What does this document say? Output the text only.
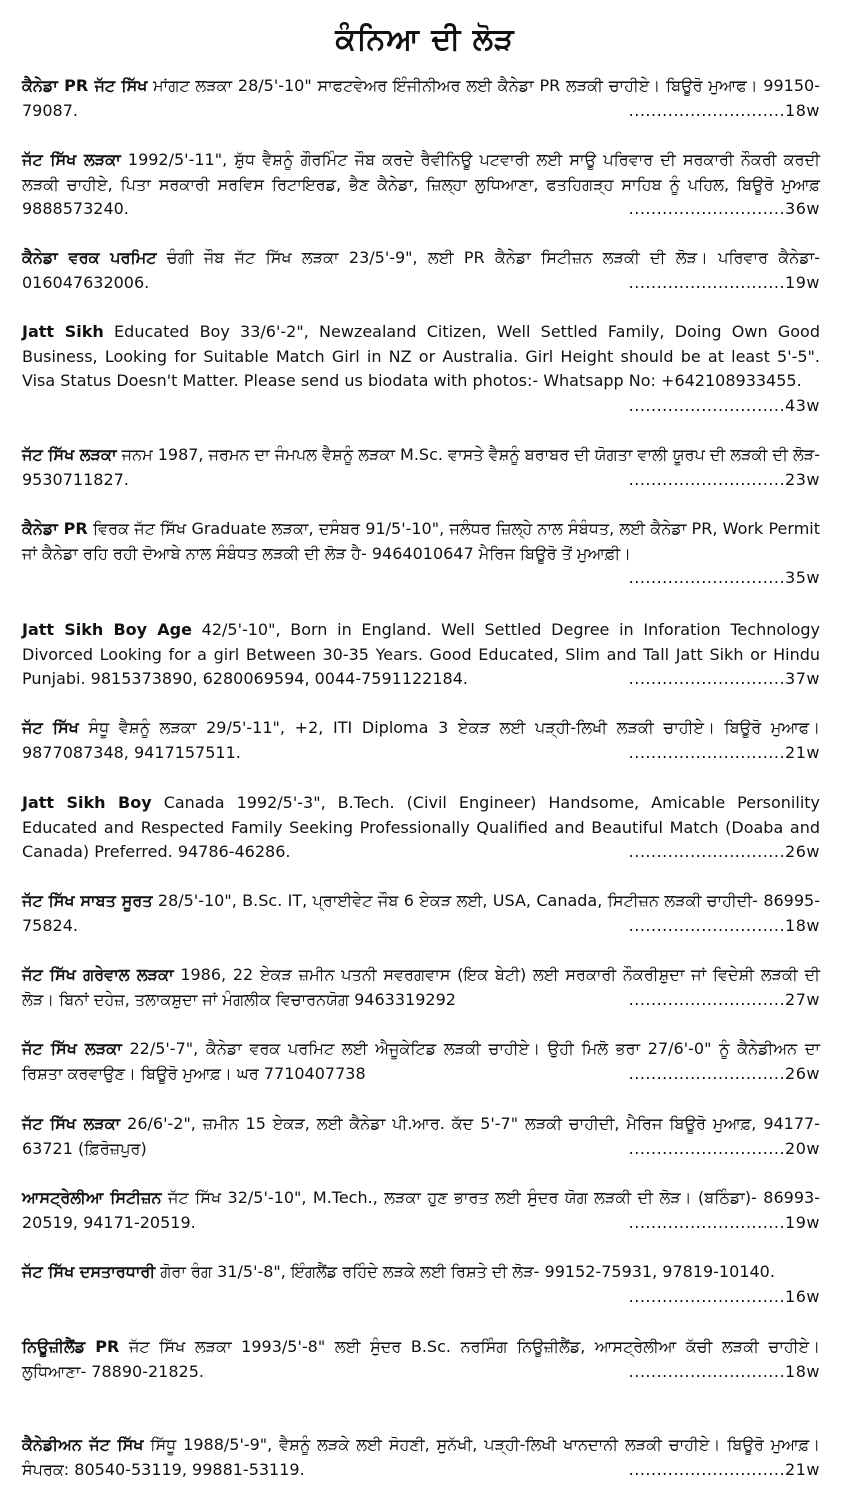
ਕੰਨਿਆ ਦੀ ਲੋੜ
ਕੈਨੇਡਾ PR ਜੱਟ ਸਿੱਖ ਮਾਂਗਟ ਲੜਕਾ 28/5'-10" ਸਾਫਟਵੇਅਰ ਇੰਜੀਨੀਅਰ ਲਈ ਕੈਨੇਡਾ PR ਲੜਕੀ ਚਾਹੀਏ। ਬਿਊਰੋ ਮੁਆਫ। 99150-79087.	............................18w
ਜੱਟ ਸਿੱਖ ਲੜਕਾ 1992/5'-11", ਸ਼ੁੱਧ ਵੈਸ਼ਨੂੰ ਗੌਰਮਿੰਟ ਜੌਬ ਕਰਦੇ ਰੈਵੀਨਿਊ ਪਟਵਾਰੀ ਲਈ ਸਾਊ ਪਰਿਵਾਰ ਦੀ ਸਰਕਾਰੀ ਨੌਕਰੀ ਕਰਦੀ ਲੜਕੀ ਚਾਹੀਏ, ਪਿਤਾ ਸਰਕਾਰੀ ਸਰਵਿਸ ਰਿਟਾਇਰਡ, ਭੈਣ ਕੈਨੇਡਾ, ਜ਼ਿਲ੍ਹਾ ਲੁਧਿਆਣਾ, ਫਤਹਿਗੜ੍ਹ ਸਾਹਿਬ ਨੂੰ ਪਹਿਲ, ਬਿਊਰੋ ਮੁਆਫ਼ 9888573240.	............................36w
ਕੈਨੇਡਾ ਵਰਕ ਪਰਮਿਟ ਚੰਗੀ ਜੌਬ ਜੱਟ ਸਿੱਖ ਲੜਕਾ 23/5'-9", ਲਈ PR ਕੈਨੇਡਾ ਸਿਟੀਜ਼ਨ ਲੜਕੀ ਦੀ ਲੋੜ। ਪਰਿਵਾਰ ਕੈਨੇਡਾ- 016047632006.	............................19w
Jatt Sikh Educated Boy 33/6'-2", Newzealand Citizen, Well Settled Family, Doing Own Good Business, Looking for Suitable Match Girl in NZ or Australia. Girl Height should be at least 5'-5". Visa Status Doesn't Matter. Please send us biodata with photos:- Whatsapp No: +642108933455.
............................43w
ਜੱਟ ਸਿੱਖ ਲੜਕਾ ਜਨਮ 1987, ਜਰਮਨ ਦਾ ਜੰਮਪਲ ਵੈਸ਼ਨੂੰ ਲੜਕਾ M.Sc. ਵਾਸਤੇ ਵੈਸ਼ਨੂੰ ਬਰਾਬਰ ਦੀ ਯੋਗਤਾ ਵਾਲੀ ਯੂਰਪ ਦੀ ਲੜਕੀ ਦੀ ਲੋੜ- 9530711827.	............................23w
ਕੈਨੇਡਾ PR ਵਿਰਕ ਜੱਟ ਸਿੱਖ Graduate ਲੜਕਾ, ਦਸੰਬਰ 91/5'-10", ਜਲੰਧਰ ਜ਼ਿਲ੍ਹੇ ਨਾਲ ਸੰਬੰਧਤ, ਲਈ ਕੈਨੇਡਾ PR, Work Permit ਜਾਂ ਕੈਨੇਡਾ ਰਹਿ ਰਹੀ ਦੋਆਬੇ ਨਾਲ ਸੰਬੰਧਤ ਲੜਕੀ ਦੀ ਲੋੜ ਹੈ- 9464010647 ਮੈਰਿਜ ਬਿਊਰੋ ਤੋਂ ਮੁਆਫ਼ੀ।
............................35w
Jatt Sikh Boy Age 42/5'-10", Born in England. Well Settled Degree in Inforation Technology Divorced Looking for a girl Between 30-35 Years. Good Educated, Slim and Tall Jatt Sikh or Hindu Punjabi. 9815373890, 6280069594, 0044-7591122184.	............................37w
ਜੱਟ ਸਿੱਖ ਸੰਧੂ ਵੈਸ਼ਨੂੰ ਲੜਕਾ 29/5'-11", +2, ITI Diploma 3 ਏਕੜ ਲਈ ਪੜ੍ਹੀ-ਲਿਖੀ ਲੜਕੀ ਚਾਹੀਏ। ਬਿਊਰੋ ਮੁਆਫ। 9877087348, 9417157511.	............................21w
Jatt Sikh Boy Canada 1992/5'-3", B.Tech. (Civil Engineer) Handsome, Amicable Personility Educated and Respected Family Seeking Professionally Qualified and Beautiful Match (Doaba and Canada) Preferred. 94786-46286.	............................26w
ਜੱਟ ਸਿੱਖ ਸਾਬਤ ਸੂਰਤ 28/5'-10", B.Sc. IT, ਪ੍ਰਾਈਵੇਟ ਜੌਬ 6 ਏਕੜ ਲਈ, USA, Canada, ਸਿਟੀਜ਼ਨ ਲੜਕੀ ਚਾਹੀਦੀ- 86995-75824.	............................18w
ਜੱਟ ਸਿੱਖ ਗਰੇਵਾਲ ਲੜਕਾ 1986, 22 ਏਕੜ ਜ਼ਮੀਨ ਪਤਨੀ ਸਵਰਗਵਾਸ (ਇਕ ਬੇਟੀ) ਲਈ ਸਰਕਾਰੀ ਨੌਕਰੀਸ਼ੁਦਾ ਜਾਂ ਵਿਦੇਸ਼ੀ ਲੜਕੀ ਦੀ ਲੋੜ। ਬਿਨਾਂ ਦਹੇਜ਼, ਤਲਾਕਸ਼ੁਦਾ ਜਾਂ ਮੰਗਲੀਕ ਵਿਚਾਰਨਯੋਗ 9463319292	............................27w
ਜੱਟ ਸਿੱਖ ਲੜਕਾ 22/5'-7", ਕੈਨੇਡਾ ਵਰਕ ਪਰਮਿਟ ਲਈ ਐਜੂਕੇਟਿਡ ਲੜਕੀ ਚਾਹੀਏ। ਉਹੀ ਮਿਲੋ ਭਰਾ 27/6'-0" ਨੂੰ ਕੈਨੇਡੀਅਨ ਦਾ ਰਿਸ਼ਤਾ ਕਰਵਾਉਣ। ਬਿਊਰੋ ਮੁਆਫ਼। ਘਰ 7710407738	............................26w
ਜੱਟ ਸਿੱਖ ਲੜਕਾ 26/6'-2", ਜ਼ਮੀਨ 15 ਏਕੜ, ਲਈ ਕੈਨੇਡਾ ਪੀ.ਆਰ. ਕੱਦ 5'-7" ਲੜਕੀ ਚਾਹੀਦੀ, ਮੈਰਿਜ ਬਿਊਰੋ ਮੁਆਫ਼, 94177-63721 (ਫ਼ਿਰੋਜ਼ਪੁਰ)	............................20w
ਆਸਟ੍ਰੇਲੀਆ ਸਿਟੀਜ਼ਨ ਜੱਟ ਸਿੱਖ 32/5'-10", M.Tech., ਲੜਕਾ ਹੁਣ ਭਾਰਤ ਲਈ ਸੁੰਦਰ ਯੋਗ ਲੜਕੀ ਦੀ ਲੋੜ। (ਬਠਿੰਡਾ)- 86993-20519, 94171-20519.	............................19w
ਜੱਟ ਸਿੱਖ ਦਸਤਾਰਧਾਰੀ ਗੋਰਾ ਰੰਗ 31/5'-8", ਇੰਗਲੈਂਡ ਰਹਿੰਦੇ ਲੜਕੇ ਲਈ ਰਿਸ਼ਤੇ ਦੀ ਲੋੜ- 99152-75931, 97819-10140.
............................16w
ਨਿਊਜ਼ੀਲੈਂਡ PR ਜੱਟ ਸਿੱਖ ਲੜਕਾ 1993/5'-8" ਲਈ ਸੁੰਦਰ B.Sc. ਨਰਸਿੰਗ ਨਿਊਜ਼ੀਲੈਂਡ, ਆਸਟ੍ਰੇਲੀਆ ਕੱਚੀ ਲੜਕੀ ਚਾਹੀਏ। ਲੁਧਿਆਣਾ- 78890-21825.	............................18w
ਕੈਨੇਡੀਅਨ ਜੱਟ ਸਿੱਖ ਸਿੱਧੂ 1988/5'-9", ਵੈਸ਼ਨੂੰ ਲੜਕੇ ਲਈ ਸੋਹਣੀ, ਸੁਨੱਖੀ, ਪੜ੍ਹੀ-ਲਿਖੀ ਖਾਨਦਾਨੀ ਲੜਕੀ ਚਾਹੀਏ। ਬਿਊਰੋ ਮੁਆਫ਼। ਸੰਪਰਕ: 80540-53119, 99881-53119.	............................21w
